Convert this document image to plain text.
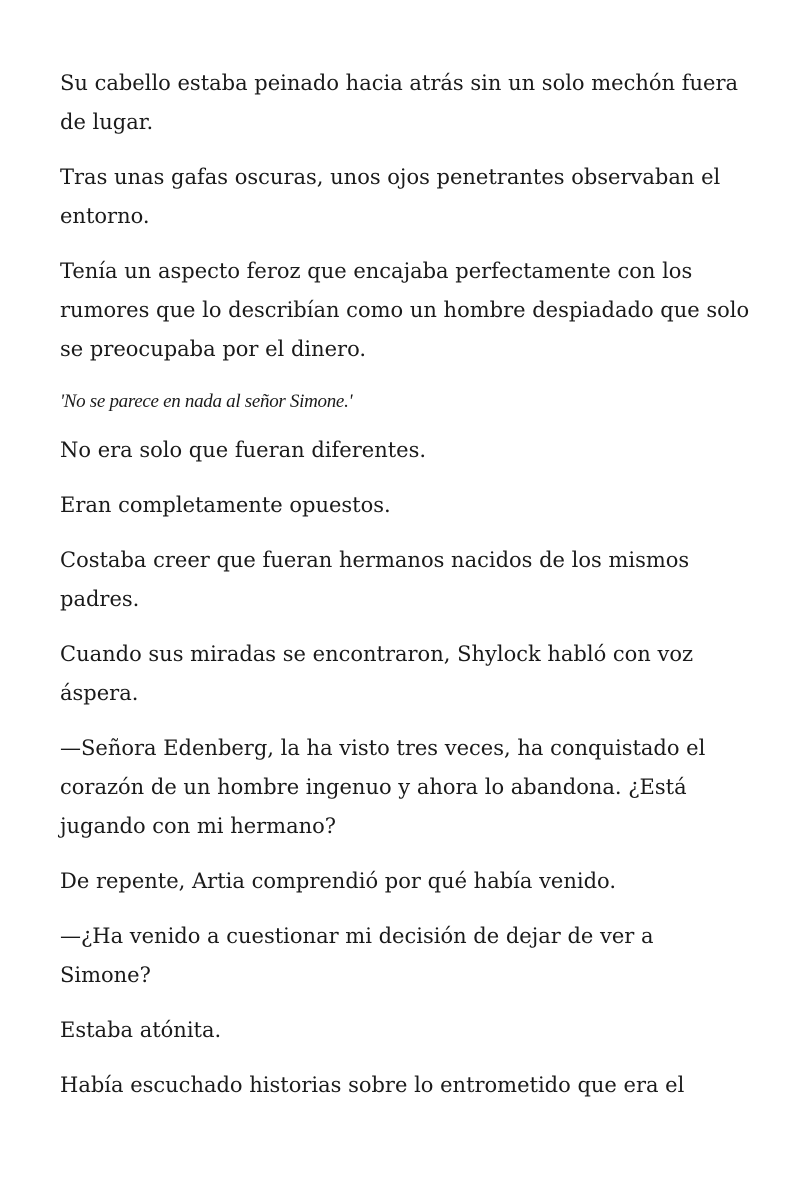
Su cabello estaba peinado hacia atrás sin un solo mechón fuera de lugar.

Tras unas gafas oscuras, unos ojos penetrantes observaban el entorno.

Tenía un aspecto feroz que encajaba perfectamente con los rumores que lo describían como un hombre despiadado que solo se preocupaba por el dinero.

'No se parece en nada al señor Simone.'

No era solo que fueran diferentes.

Eran completamente opuestos.

Costaba creer que fueran hermanos nacidos de los mismos padres.

Cuando sus miradas se encontraron, Shylock habló con voz áspera.

—Señora Edenberg, la ha visto tres veces, ha conquistado el corazón de un hombre ingenuo y ahora lo abandona. ¿Está jugando con mi hermano?

De repente, Artia comprendió por qué había venido.

—¿Ha venido a cuestionar mi decisión de dejar de ver a Simone?

Estaba atónita.

Había escuchado historias sobre lo entrometido que era el
